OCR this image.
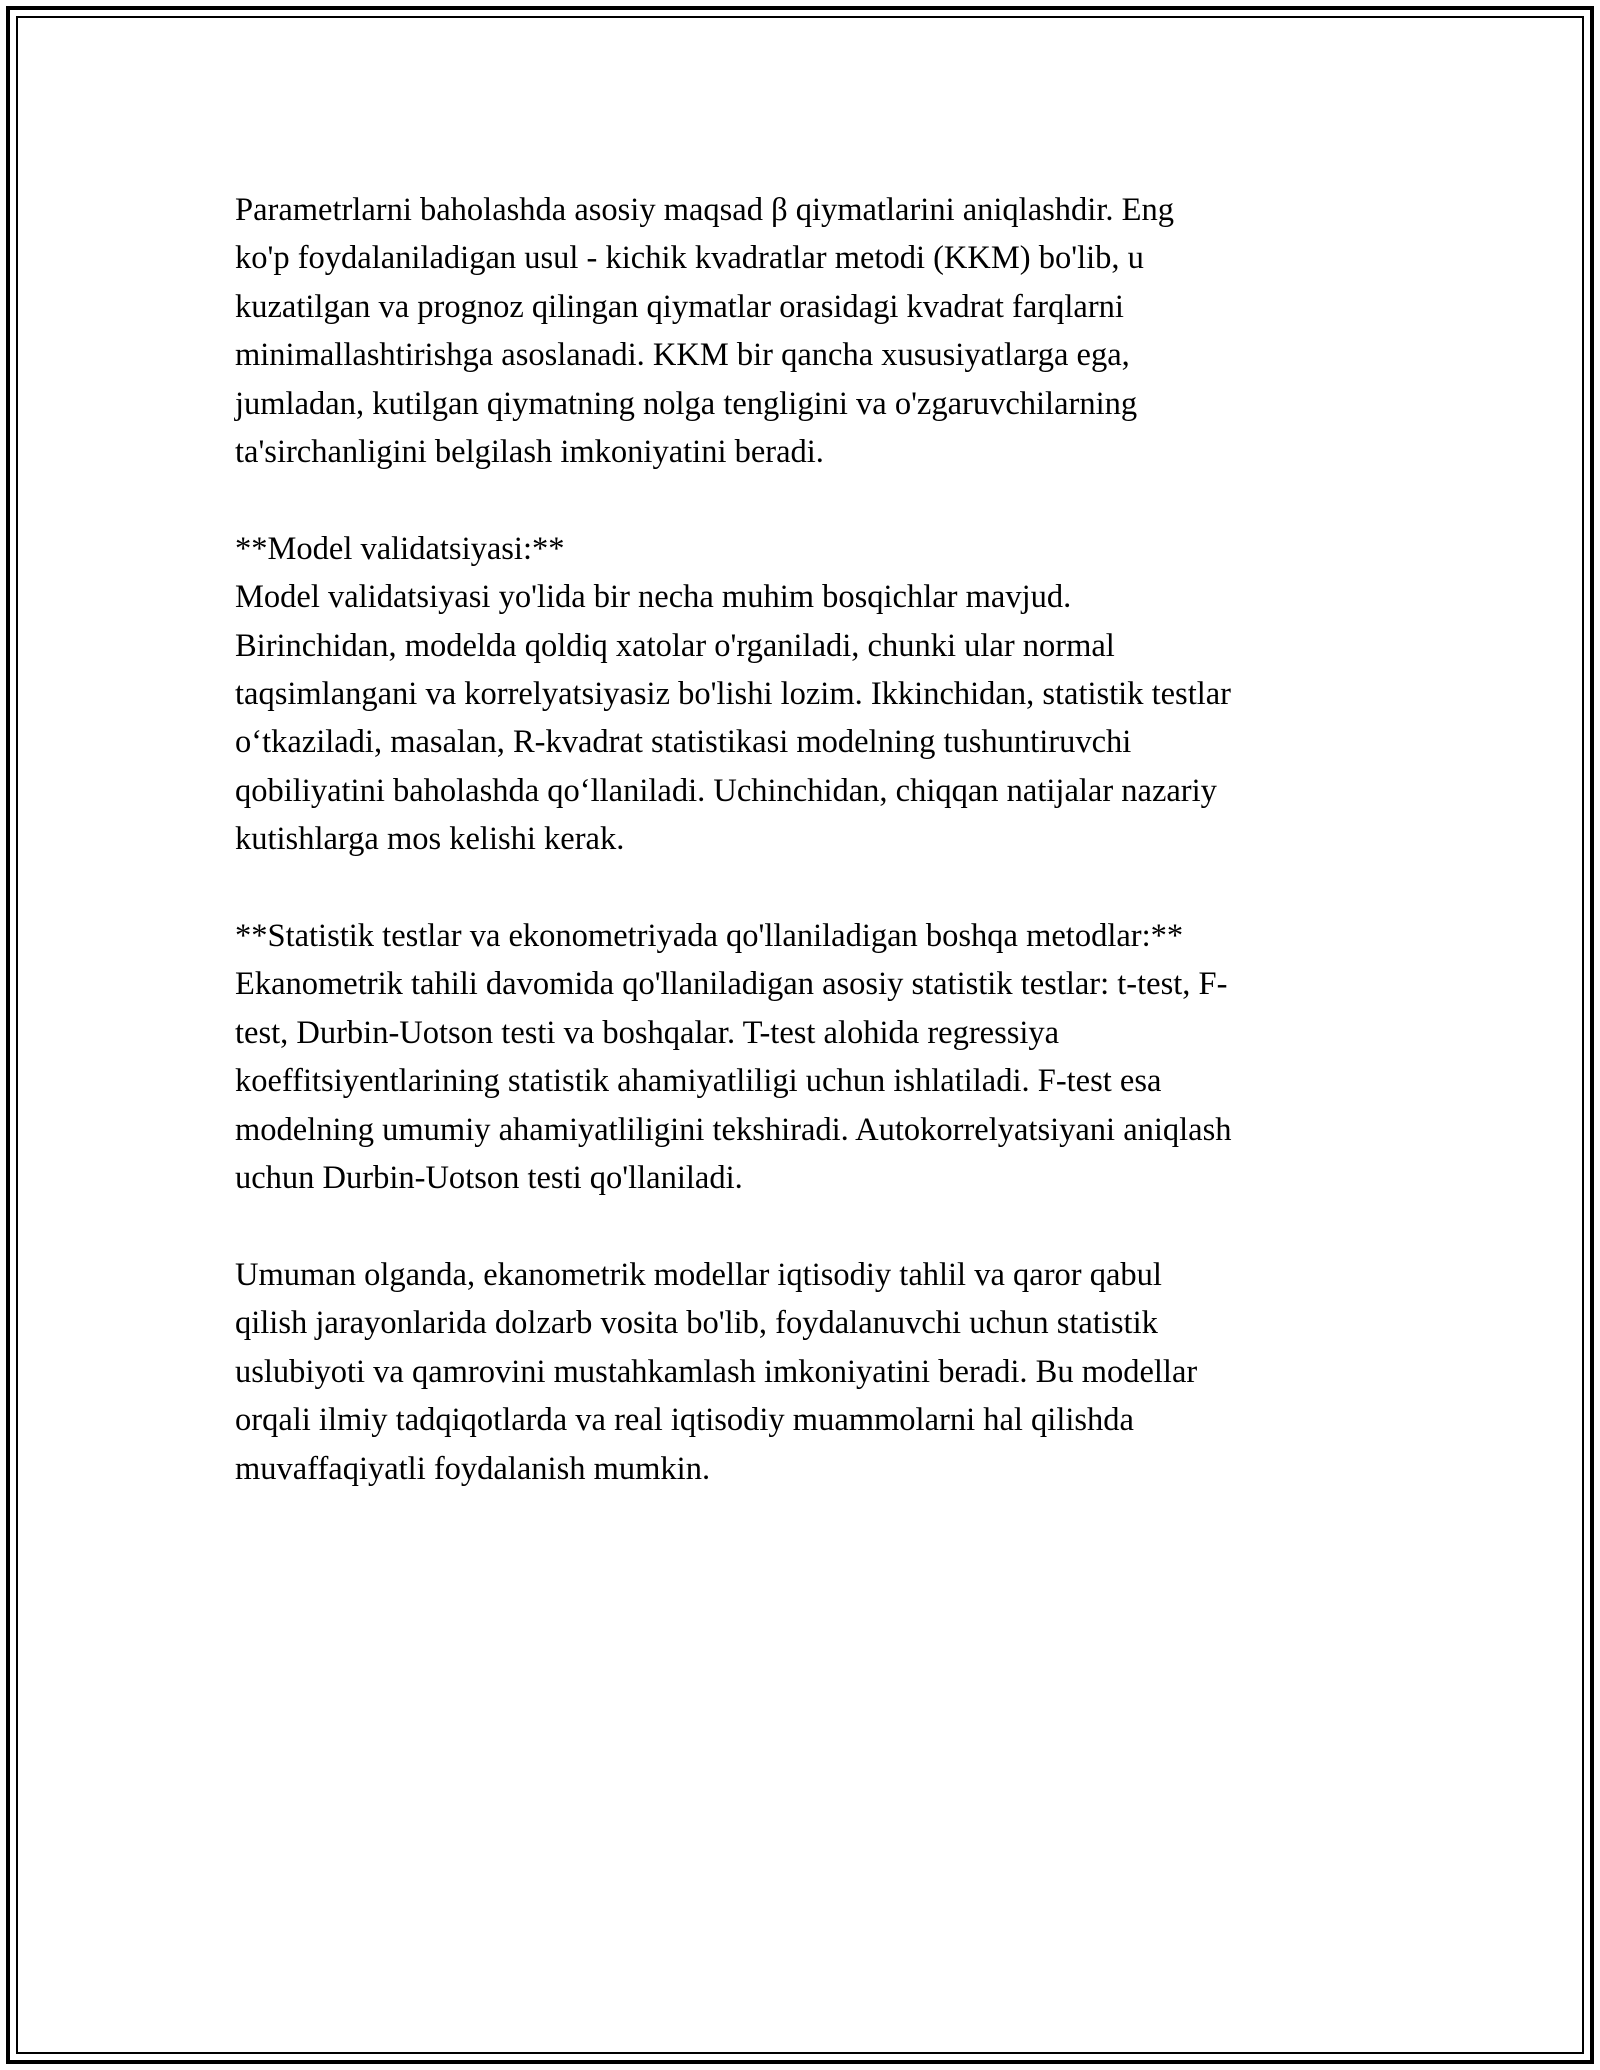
Parametrlarni baholashda asosiy maqsad β qiymatlarini aniqlashdir. Eng
ko'p foydalaniladigan usul - kichik kvadratlar metodi (KKM) bo'lib, u
kuzatilgan va prognoz qilingan qiymatlar orasidagi kvadrat farqlarni
minimallashtirishga asoslanadi. KKM bir qancha xususiyatlarga ega,
jumladan, kutilgan qiymatning nolga tengligini va o'zgaruvchilarning
ta'sirchanligini belgilash imkoniyatini beradi.
**Model validatsiyasi:**
Model validatsiyasi yo'lida bir necha muhim bosqichlar mavjud.
Birinchidan, modelda qoldiq xatolar o'rganiladi, chunki ular normal
taqsimlangani va korrelyatsiyasiz bo'lishi lozim. Ikkinchidan, statistik testlar
o‘tkaziladi, masalan, R-kvadrat statistikasi modelning tushuntiruvchi
qobiliyatini baholashda qo‘llaniladi. Uchinchidan, chiqqan natijalar nazariy
kutishlarga mos kelishi kerak.
**Statistik testlar va ekonometriyada qo'llaniladigan boshqa metodlar:**
Ekanometrik tahili davomida qo'llaniladigan asosiy statistik testlar: t-test, F-
test, Durbin-Uotson testi va boshqalar. T-test alohida regressiya
koeffitsiyentlarining statistik ahamiyatliligi uchun ishlatiladi. F-test esa
modelning umumiy ahamiyatliligini tekshiradi. Autokorrelyatsiyani aniqlash
uchun Durbin-Uotson testi qo'llaniladi.
Umuman olganda, ekanometrik modellar iqtisodiy tahlil va qaror qabul
qilish jarayonlarida dolzarb vosita bo'lib, foydalanuvchi uchun statistik
uslubiyoti va qamrovini mustahkamlash imkoniyatini beradi. Bu modellar
orqali ilmiy tadqiqotlarda va real iqtisodiy muammolarni hal qilishda
muvaffaqiyatli foydalanish mumkin.
